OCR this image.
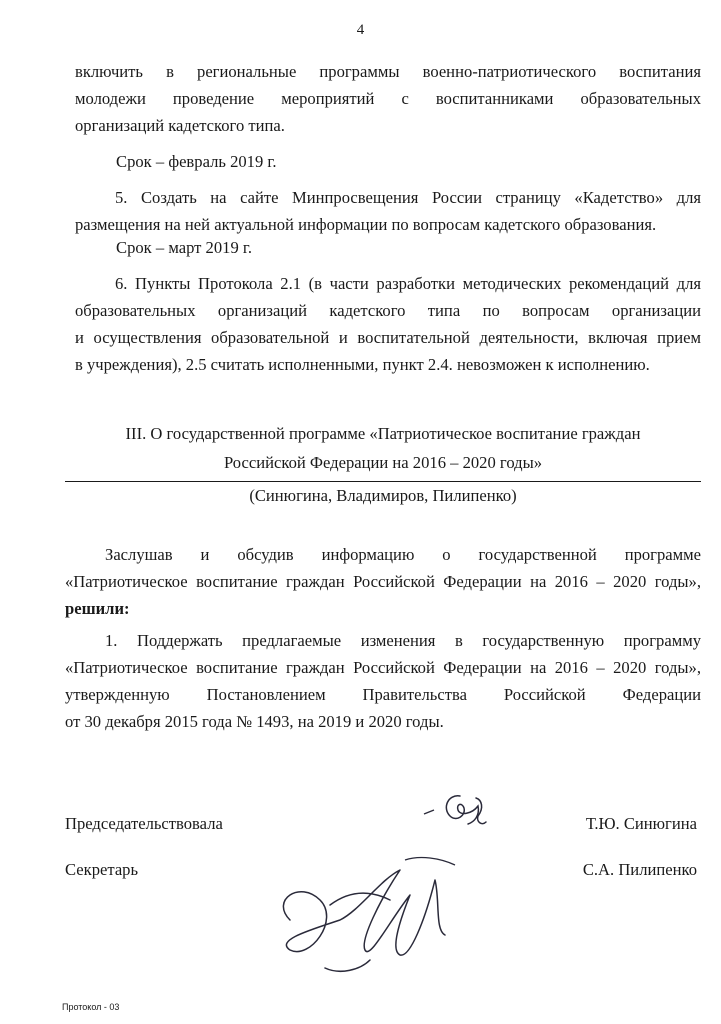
4
включить в региональные программы военно-патриотического воспитания
молодежи проведение мероприятий с воспитанниками образовательных
организаций кадетского типа.
Срок – февраль 2019 г.
5. Создать на сайте Минпросвещения России страницу «Кадетство» для
размещения на ней актуальной информации по вопросам кадетского образования.
Срок – март 2019 г.
6. Пункты Протокола 2.1 (в части разработки методических рекомендаций для
образовательных организаций кадетского типа по вопросам организации
и осуществления образовательной и воспитательной деятельности, включая прием
в учреждения), 2.5 считать исполненными, пункт 2.4. невозможен к исполнению.
III. О государственной программе «Патриотическое воспитание граждан
Российской Федерации на 2016 – 2020 годы»
(Синюгина, Владимиров, Пилипенко)
Заслушав и обсудив информацию о государственной программе
«Патриотическое воспитание граждан Российской Федерации на 2016 – 2020 годы»,
решили:
1. Поддержать предлагаемые изменения в государственную программу
«Патриотическое воспитание граждан Российской Федерации на 2016 – 2020 годы»,
утвержденную Постановлением Правительства Российской Федерации
от 30 декабря 2015 года № 1493, на 2019 и 2020 годы.
Председательствовала	Т.Ю. Синюгина
Секретарь	С.А. Пилипенко
Протокол - 03
